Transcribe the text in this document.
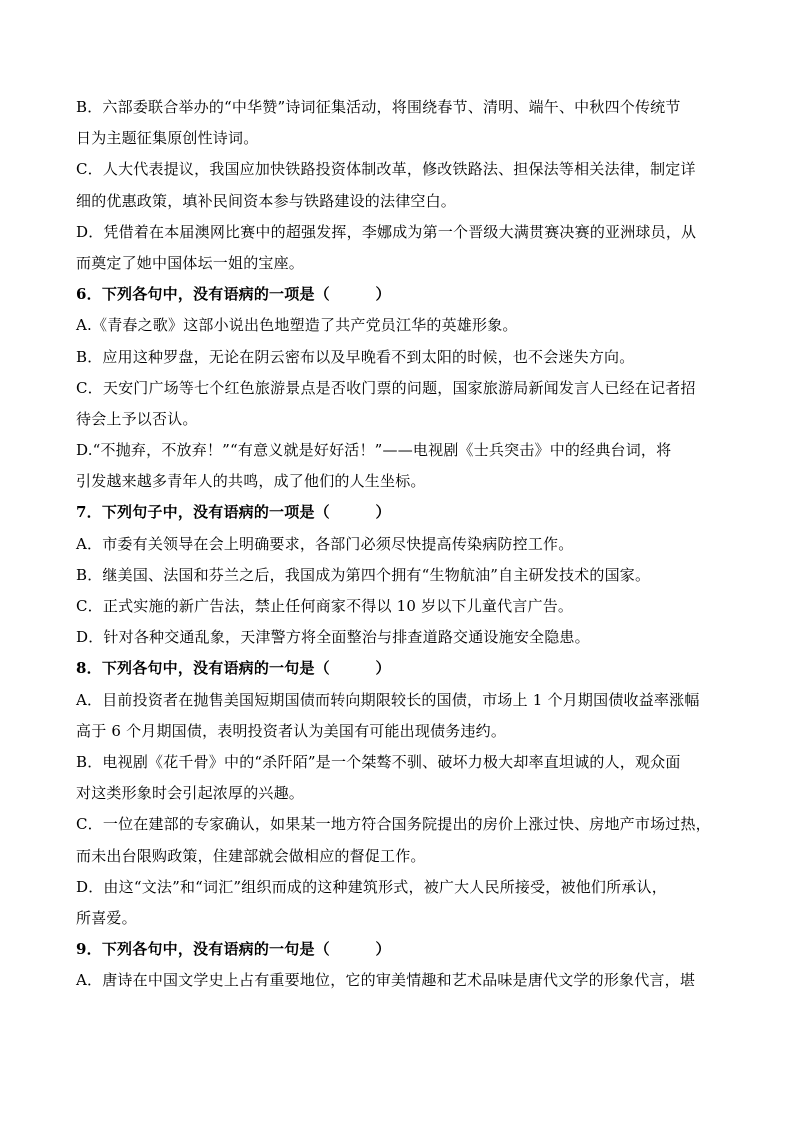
B．六部委联合举办的“中华赞”诗词征集活动，将围绕春节、清明、端午、中秋四个传统节
日为主题征集原创性诗词。
C．人大代表提议，我国应加快铁路投资体制改革，修改铁路法、担保法等相关法律，制定详
细的优惠政策，填补民间资本参与铁路建设的法律空白。
D．凭借着在本届澳网比赛中的超强发挥，李娜成为第一个晋级大满贯赛决赛的亚洲球员，从
而奠定了她中国体坛一姐的宝座。
6．下列各句中，没有语病的一项是（　　　）
A.《青春之歌》这部小说出色地塑造了共产党员江华的英雄形象。
B．应用这种罗盘，无论在阴云密布以及早晚看不到太阳的时候，也不会迷失方向。
C．天安门广场等七个红色旅游景点是否收门票的问题，国家旅游局新闻发言人已经在记者招
待会上予以否认。
D.“不抛弃，不放弃！”“有意义就是好好活！”——电视剧《士兵突击》中的经典台词，将
引发越来越多青年人的共鸣，成了他们的人生坐标。
7．下列句子中，没有语病的一项是（　　　）
A．市委有关领导在会上明确要求，各部门必须尽快提高传染病防控工作。
B．继美国、法国和芬兰之后，我国成为第四个拥有“生物航油”自主研发技术的国家。
C．正式实施的新广告法，禁止任何商家不得以 10 岁以下儿童代言广告。
D．针对各种交通乱象，天津警方将全面整治与排查道路交通设施安全隐患。
8．下列各句中，没有语病的一句是（　　　）
A．目前投资者在抛售美国短期国债而转向期限较长的国债，市场上 1 个月期国债收益率涨幅
高于 6 个月期国债，表明投资者认为美国有可能出现债务违约。
B．电视剧《花千骨》中的“杀阡陌”是一个桀骜不驯、破坏力极大却率直坦诚的人，观众面
对这类形象时会引起浓厚的兴趣。
C．一位在建部的专家确认，如果某一地方符合国务院提出的房价上涨过快、房地产市场过热，
而未出台限购政策，住建部就会做相应的督促工作。
D．由这“文法”和“词汇”组织而成的这种建筑形式，被广大人民所接受，被他们所承认，
所喜爱。
9．下列各句中，没有语病的一句是（　　　）
A．唐诗在中国文学史上占有重要地位，它的审美情趣和艺术品味是唐代文学的形象代言，堪
